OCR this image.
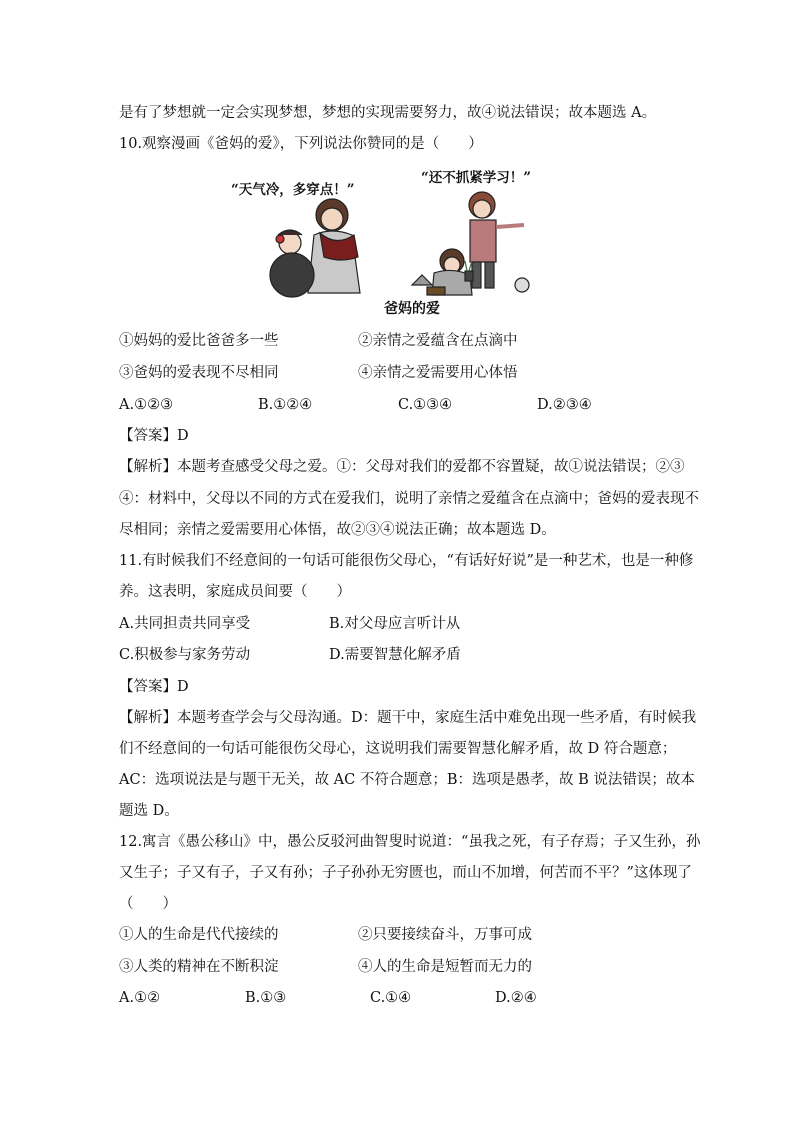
是有了梦想就一定会实现梦想，梦想的实现需要努力，故④说法错误；故本题选 A。
10.观察漫画《爸妈的爱》，下列说法你赞同的是（　　）
“天气冷，多穿点！”
“还不抓紧学习！”
爸妈的爱
①妈妈的爱比爸爸多一些	②亲情之爱蕴含在点滴中
③爸妈的爱表现不尽相同	④亲情之爱需要用心体悟
A.①②③	B.①②④	C.①③④	D.②③④
【答案】D
【解析】本题考查感受父母之爱。①：父母对我们的爱都不容置疑，故①说法错误；②③
④：材料中，父母以不同的方式在爱我们，说明了亲情之爱蕴含在点滴中；爸妈的爱表现不
尽相同；亲情之爱需要用心体悟，故②③④说法正确；故本题选 D。
11.有时候我们不经意间的一句话可能很伤父母心，“有话好好说”是一种艺术，也是一种修
养。这表明，家庭成员间要（　　）
A.共同担责共同享受	B.对父母应言听计从
C.积极参与家务劳动	D.需要智慧化解矛盾
【答案】D
【解析】本题考查学会与父母沟通。D：题干中，家庭生活中难免出现一些矛盾，有时候我
们不经意间的一句话可能很伤父母心，这说明我们需要智慧化解矛盾，故 D 符合题意；
AC：选项说法是与题干无关，故 AC 不符合题意；B：选项是愚孝，故 B 说法错误；故本
题选 D。
12.寓言《愚公移山》中，愚公反驳河曲智叟时说道：“虽我之死，有子存焉；子又生孙，孙
又生子；子又有子，子又有孙；子子孙孙无穷匮也，而山不加增，何苦而不平？”这体现了
（　　）
①人的生命是代代接续的	②只要接续奋斗，万事可成
③人类的精神在不断积淀	④人的生命是短暂而无力的
A.①②	B.①③	C.①④	D.②④
